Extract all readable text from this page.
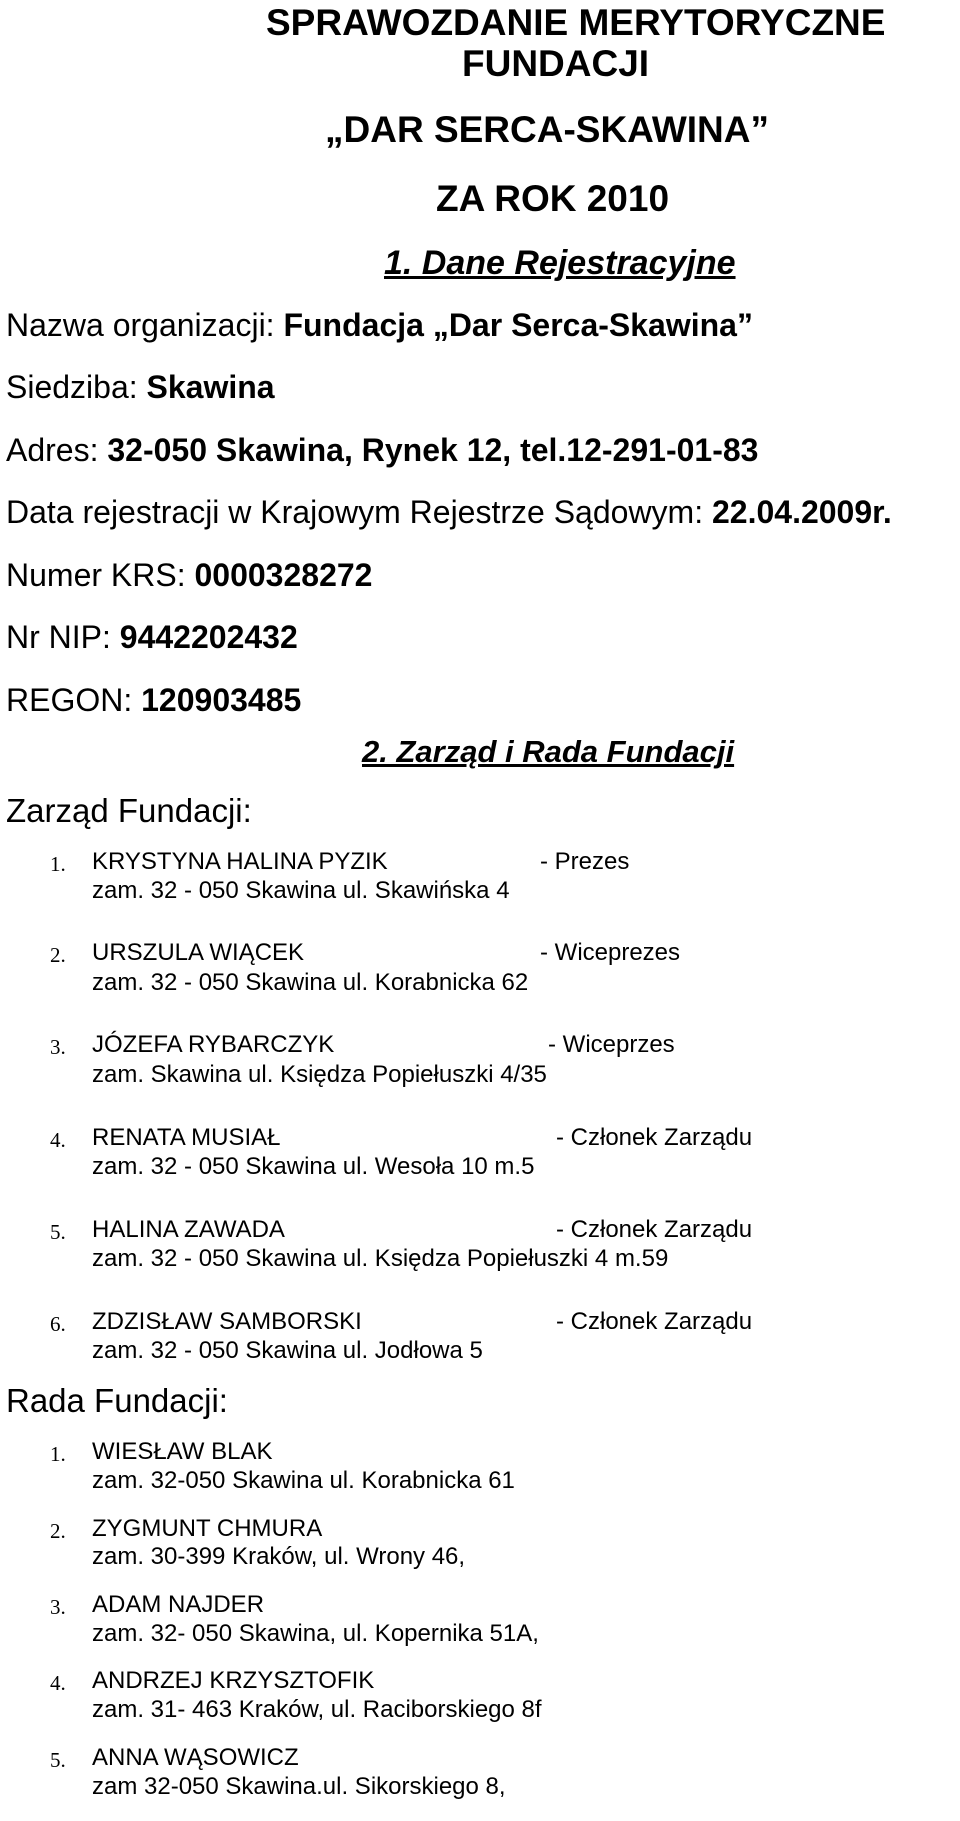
SPRAWOZDANIE MERYTORYCZNE
FUNDACJI
„DAR SERCA-SKAWINA”
ZA ROK 2010
1. Dane Rejestracyjne
Nazwa organizacji: Fundacja „Dar Serca-Skawina”
Siedziba: Skawina
Adres: 32-050 Skawina, Rynek 12, tel.12-291-01-83
Data rejestracji w Krajowym Rejestrze Sądowym: 22.04.2009r.
Numer KRS: 0000328272
Nr NIP: 9442202432
REGON: 120903485
2. Zarząd i Rada Fundacji
Zarząd Fundacji:
1. KRYSTYNA HALINA PYZIK	- Prezes
zam. 32 - 050 Skawina ul. Skawińska 4
2. URSZULA WIĄCEK	- Wiceprezes
zam. 32 - 050 Skawina ul. Korabnicka 62
3. JÓZEFA RYBARCZYK	- Wiceprzes
zam. Skawina ul. Księdza Popiełuszki 4/35
4. RENATA MUSIAŁ	- Członek Zarządu
zam. 32 - 050 Skawina ul. Wesoła 10 m.5
5. HALINA ZAWADA	- Członek Zarządu
zam. 32 - 050 Skawina ul. Księdza Popiełuszki 4 m.59
6. ZDZISŁAW SAMBORSKI	- Członek Zarządu
zam. 32 - 050 Skawina ul. Jodłowa 5
Rada Fundacji:
1. WIESŁAW BLAK
zam. 32-050 Skawina ul. Korabnicka 61
2. ZYGMUNT CHMURA
zam. 30-399 Kraków, ul. Wrony 46,
3. ADAM NAJDER
zam. 32- 050 Skawina, ul. Kopernika 51A,
4. ANDRZEJ KRZYSZTOFIK
zam. 31- 463 Kraków, ul. Raciborskiego 8f
5. ANNA WĄSOWICZ
zam 32-050 Skawina.ul. Sikorskiego 8,
